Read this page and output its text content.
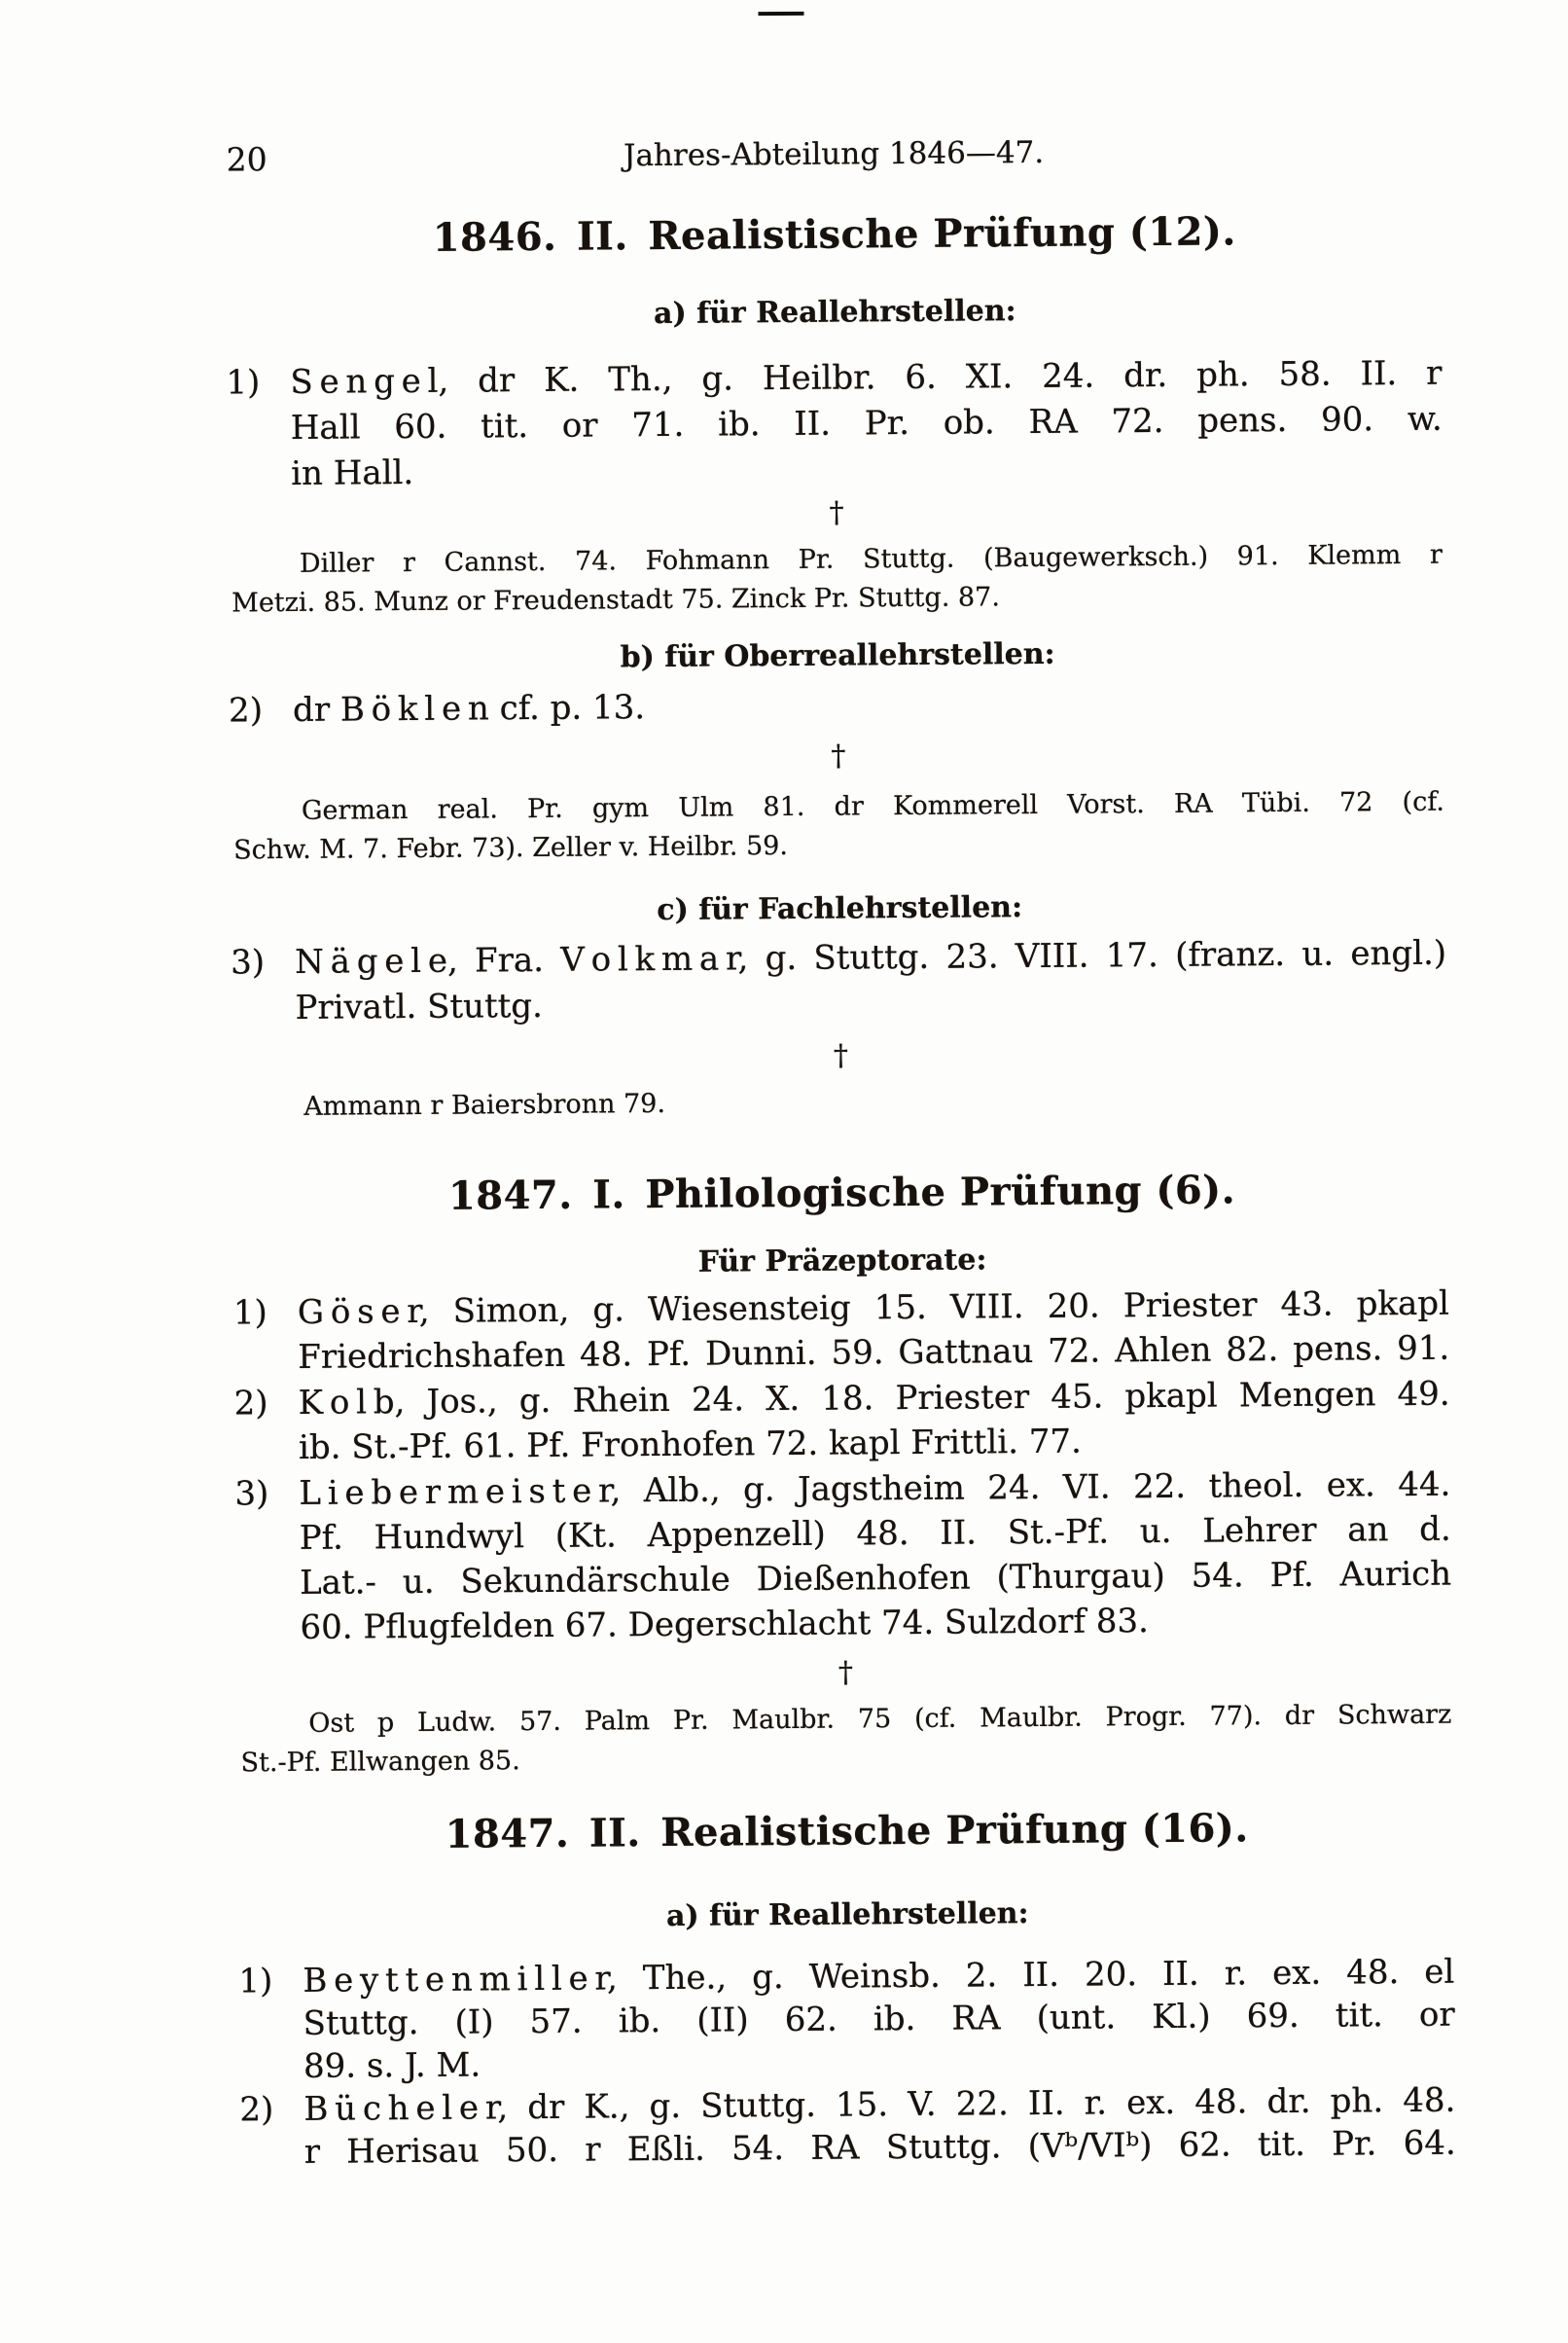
20	Jahres-Abteilung 1846—47.
1846. II. Realistische Prüfung (12).
a) für Reallehrstellen:
1) S e n g e l, dr K. Th., g. Heilbr. 6. XI. 24. dr. ph. 58. II. r
Hall 60. tit. or 71. ib. II. Pr. ob. RA 72. pens. 90. w.
in Hall.
†
Diller r Cannst. 74. Fohmann Pr. Stuttg. (Baugewerksch.) 91. Klemm r
Metzi. 85. Munz or Freudenstadt 75. Zinck Pr. Stuttg. 87.
b) für Oberreallehrstellen:
2) dr B ö k l e n cf. p. 13.
†
German real. Pr. gym Ulm 81. dr Kommerell Vorst. RA Tübi. 72 (cf.
Schw. M. 7. Febr. 73). Zeller v. Heilbr. 59.
c) für Fachlehrstellen:
3) N ä g e l e, Fra. V o l k m a r, g. Stuttg. 23. VIII. 17. (franz. u. engl.)
Privatl. Stuttg.
†
Ammann r Baiersbronn 79.
1847. I. Philologische Prüfung (6).
Für Präzeptorate:
1) G ö s e r, Simon, g. Wiesensteig 15. VIII. 20. Priester 43. pkapl
Friedrichshafen 48. Pf. Dunni. 59. Gattnau 72. Ahlen 82. pens. 91.
2) K o l b, Jos., g. Rhein 24. X. 18. Priester 45. pkapl Mengen 49.
ib. St.-Pf. 61. Pf. Fronhofen 72. kapl Frittli. 77.
3) L i e b e r m e i s t e r, Alb., g. Jagstheim 24. VI. 22. theol. ex. 44.
Pf. Hundwyl (Kt. Appenzell) 48. II. St.-Pf. u. Lehrer an d.
Lat.- u. Sekundärschule Dießenhofen (Thurgau) 54. Pf. Aurich
60. Pflugfelden 67. Degerschlacht 74. Sulzdorf 83.
†
Ost p Ludw. 57. Palm Pr. Maulbr. 75 (cf. Maulbr. Progr. 77). dr Schwarz
St.-Pf. Ellwangen 85.
1847. II. Realistische Prüfung (16).
a) für Reallehrstellen:
1) B e y t t e n m i l l e r, The., g. Weinsb. 2. II. 20. II. r. ex. 48. el
Stuttg. (I) 57. ib. (II) 62. ib. RA (unt. Kl.) 69. tit. or
89. s. J. M.
2) B ü c h e l e r, dr K., g. Stuttg. 15. V. 22. II. r. ex. 48. dr. ph. 48.
r Herisau 50. r Eßli. 54. RA Stuttg. (Vᵇ/VIᵇ) 62. tit. Pr. 64.
